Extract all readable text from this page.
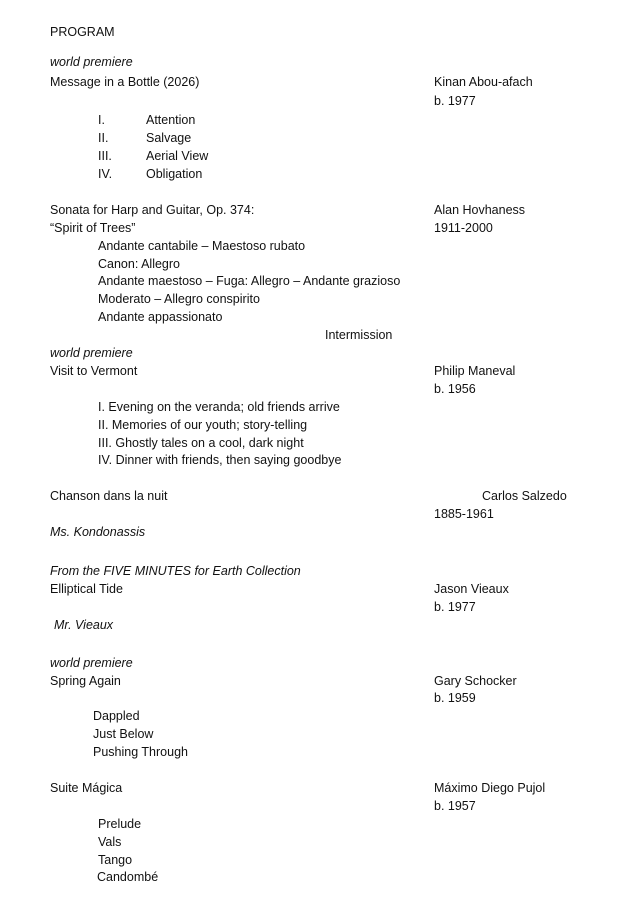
PROGRAM
world premiere
Message in a Bottle (2026)	Kinan Abou-afach
b. 1977
I.	Attention
II.	Salvage
III.	Aerial View
IV.	Obligation
Sonata for Harp and Guitar, Op. 374:	Alan Hovhaness
“Spirit of Trees”	1911-2000
Andante cantabile – Maestoso rubato
Canon: Allegro
Andante maestoso – Fuga: Allegro – Andante grazioso
Moderato – Allegro conspirito
Andante appassionato
Intermission
world premiere
Visit to Vermont	Philip Maneval
b. 1956
I. Evening on the veranda; old friends arrive
II. Memories of our youth; story-telling
III. Ghostly tales on a cool, dark night
IV. Dinner with friends, then saying goodbye
Chanson dans la nuit	Carlos Salzedo
1885-1961
Ms. Kondonassis
From the FIVE MINUTES for Earth Collection
Elliptical Tide	Jason Vieaux
b. 1977
Mr. Vieaux
world premiere
Spring Again	Gary Schocker
b. 1959
Dappled
Just Below
Pushing Through
Suite Mágica	Máximo Diego Pujol
b. 1957
Prelude
Vals
Tango
Candombé
